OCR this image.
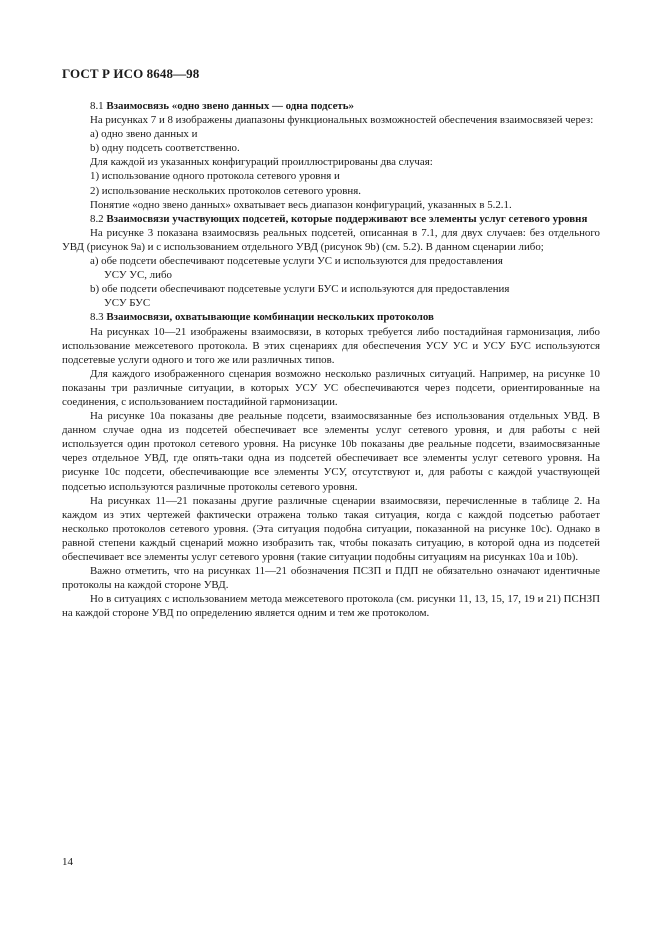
ГОСТ Р ИСО 8648—98

8.1 Взаимосвязь «одно звено данных — одна подсеть»

На рисунках 7 и 8 изображены диапазоны функциональных возможностей обеспечения взаимосвязей через:

a) одно звено данных и

b) одну подсеть соответственно.

Для каждой из указанных конфигураций проиллюстрированы два случая:

1) использование одного протокола сетевого уровня и

2) использование нескольких протоколов сетевого уровня.

Понятие «одно звено данных» охватывает весь диапазон конфигураций, указанных в 5.2.1.

8.2 Взаимосвязи участвующих подсетей, которые поддерживают все элементы услуг сетевого уровня

На рисунке 3 показана взаимосвязь реальных подсетей, описанная в 7.1, для двух случаев: без отдельного УВД (рисунок 9a) и с использованием отдельного УВД (рисунок 9b) (см. 5.2). В данном сценарии либо;

a) обе подсети обеспечивают подсетевые услуги УС и используются для предоставления

УСУ УС, либо

b) обе подсети обеспечивают подсетевые услуги БУС и используются для предоставления

УСУ БУС

8.3 Взаимосвязи, охватывающие комбинации нескольких протоколов

На рисунках 10—21 изображены взаимосвязи, в которых требуется либо постадийная гармонизация, либо использование межсетевого протокола. В этих сценариях для обеспечения УСУ УС и УСУ БУС используются подсетевые услуги одного и того же или различных типов.

Для каждого изображенного сценария возможно несколько различных ситуаций. Например, на рисунке 10 показаны три различные ситуации, в которых УСУ УС обеспечиваются через подсети, ориентированные на соединения, с использованием постадийной гармонизации.

На рисунке 10a показаны две реальные подсети, взаимосвязанные без использования отдельных УВД. В данном случае одна из подсетей обеспечивает все элементы услуг сетевого уровня, и для работы с ней используется один протокол сетевого уровня. На рисунке 10b показаны две реальные подсети, взаимосвязанные через отдельное УВД, где опять-таки одна из подсетей обеспечивает все элементы услуг сетевого уровня. На рисунке 10c подсети, обеспечивающие все элементы УСУ, отсутствуют и, для работы с каждой участвующей подсетью используются различные протоколы сетевого уровня.

На рисунках 11—21 показаны другие различные сценарии взаимосвязи, перечисленные в таблице 2. На каждом из этих чертежей фактически отражена только такая ситуация, когда с каждой подсетью работает несколько протоколов сетевого уровня. (Эта ситуация подобна ситуации, показанной на рисунке 10c). Однако в равной степени каждый сценарий можно изобразить так, чтобы показать ситуацию, в которой одна из подсетей обеспечивает все элементы услуг сетевого уровня (такие ситуации подобны ситуациям на рисунках 10a и 10b).

Важно отметить, что на рисунках 11—21 обозначения ПСЗП и ПДП не обязательно означают идентичные протоколы на каждой стороне УВД.

Но в ситуациях с использованием метода межсетевого протокола (см. рисунки 11, 13, 15, 17, 19 и 21) ПСНЗП на каждой стороне УВД по определению является одним и тем же протоколом.

14
